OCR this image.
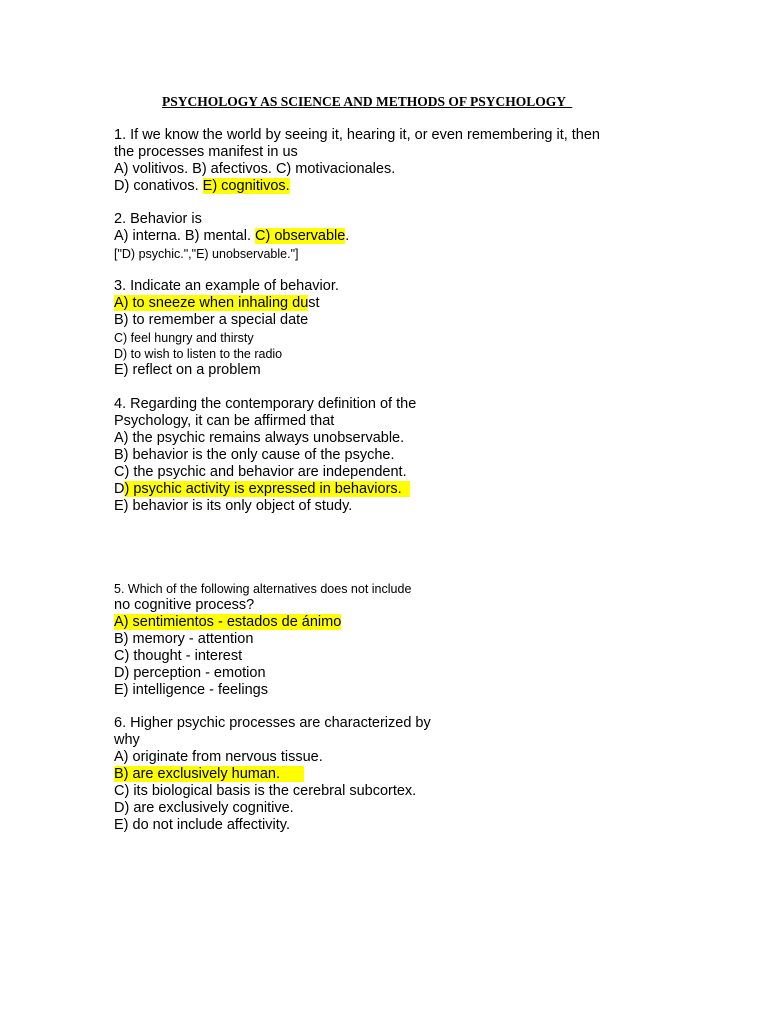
PSYCHOLOGY AS SCIENCE AND METHODS OF PSYCHOLOGY
1. If we know the world by seeing it, hearing it, or even remembering it, then
the processes manifest in us
A) volitivos. B) afectivos. C) motivacionales.
D) conativos. E) cognitivos.
2. Behavior is
A) interna. B) mental. C) observable.
["D) psychic.","E) unobservable."]
3. Indicate an example of behavior.
A) to sneeze when inhaling dust
B) to remember a special date
C) feel hungry and thirsty
D) to wish to listen to the radio
E) reflect on a problem
4. Regarding the contemporary definition of the
Psychology, it can be affirmed that
A) the psychic remains always unobservable.
B) behavior is the only cause of the psyche.
C) the psychic and behavior are independent.
D) psychic activity is expressed in behaviors.
E) behavior is its only object of study.
5. Which of the following alternatives does not include
no cognitive process?
A) sentimientos - estados de ánimo
B) memory - attention
C) thought - interest
D) perception - emotion
E) intelligence - feelings
6. Higher psychic processes are characterized by
why
A) originate from nervous tissue.
B) are exclusively human.
C) its biological basis is the cerebral subcortex.
D) are exclusively cognitive.
E) do not include affectivity.
